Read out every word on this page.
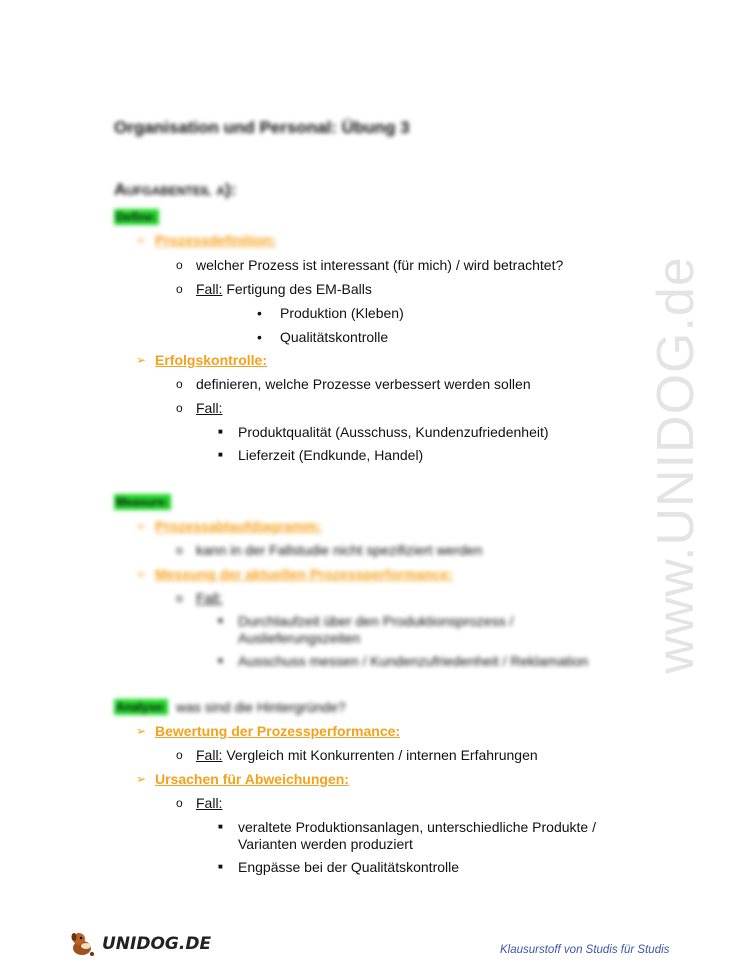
www.UNIDOG.de
Organisation und Personal: Übung 3
Aufgabenteil a):
Define:
➢ Prozessdefinition:
o welcher Prozess ist interessant (für mich) / wird betrachtet?
o Fall: Fertigung des EM-Balls
• Produktion (Kleben)
• Qualitätskontrolle
➢ Erfolgskontrolle:
o definieren, welche Prozesse verbessert werden sollen
o Fall:
■ Produktqualität (Ausschuss, Kundenzufriedenheit)
■ Lieferzeit (Endkunde, Handel)
Measure:
➢ Prozessablaufdiagramm:
o kann in der Fallstudie nicht spezifiziert werden
➢ Messung der aktuellen Prozessperformance:
o Fall:
■ Durchlaufzeit über den Produktionsprozess /
Auslieferungszeiten
■ Ausschuss messen / Kundenzufriedenheit / Reklamation
Analyse: was sind die Hintergründe?
➢ Bewertung der Prozessperformance:
o Fall: Vergleich mit Konkurrenten / internen Erfahrungen
➢ Ursachen für Abweichungen:
o Fall:
■ veraltete Produktionsanlagen, unterschiedliche Produkte /
Varianten werden produziert
■ Engpässe bei der Qualitätskontrolle
UNIDOG.DE	Klausurstoff von Studis für Studis
